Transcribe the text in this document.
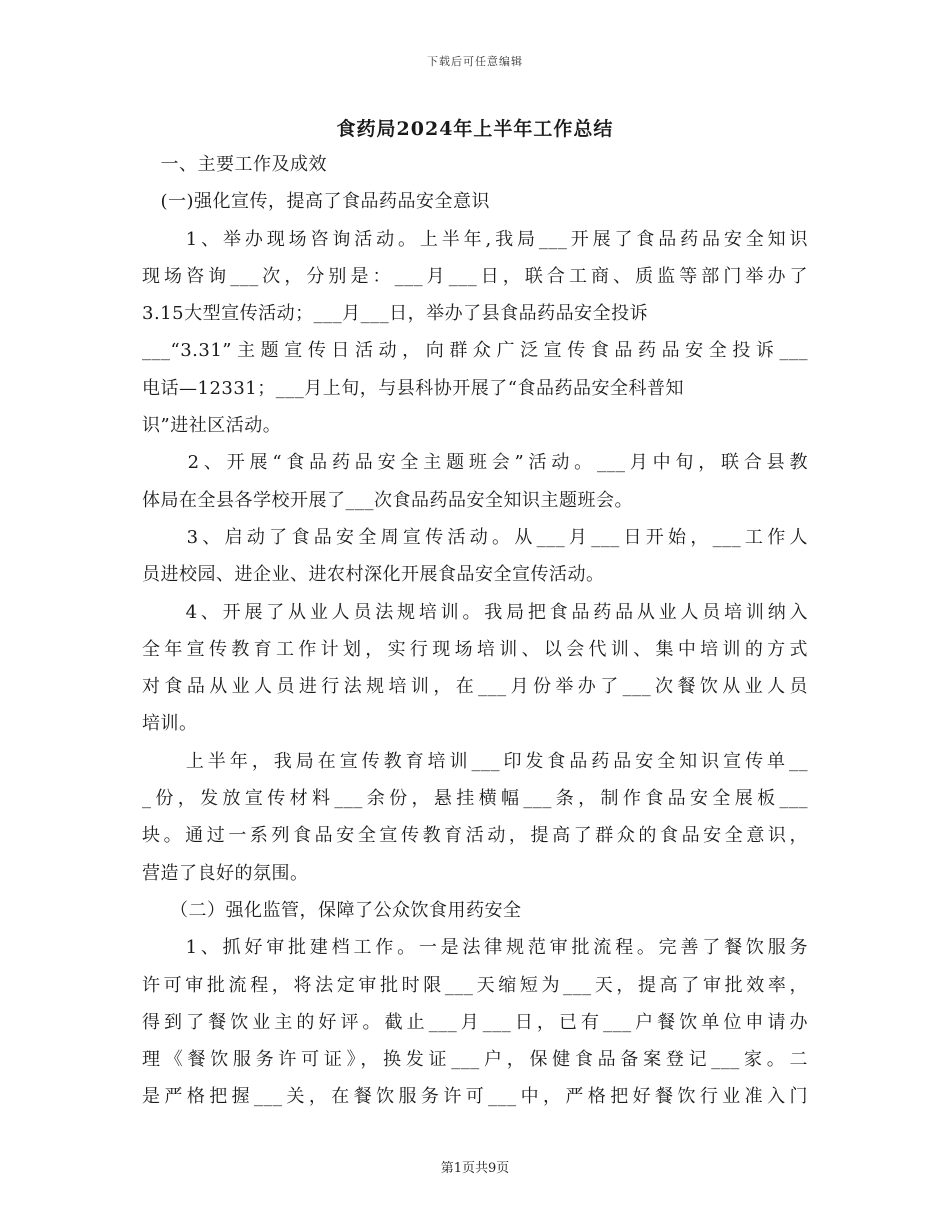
下载后可任意编辑
食药局2024年上半年工作总结
　一、主要工作及成效
　(一)强化宣传，提高了食品药品安全意识
　　1、举办现场咨询活动。上半年,我局___开展了食品药品安全知识
现场咨询___次，分别是：___月___日，联合工商、质监等部门举办了
3.15大型宣传活动；___月___日，举办了县食品药品安全投诉
___“3.31”主题宣传日活动，向群众广泛宣传食品药品安全投诉___
电话—12331；___月上旬，与县科协开展了“食品药品安全科普知
识”进社区活动。
　　2、开展“食品药品安全主题班会”活动。___月中旬，联合县教
体局在全县各学校开展了___次食品药品安全知识主题班会。
　　3、启动了食品安全周宣传活动。从___月___日开始，___工作人
员进校园、进企业、进农村深化开展食品安全宣传活动。
　　4、开展了从业人员法规培训。我局把食品药品从业人员培训纳入
全年宣传教育工作计划，实行现场培训、以会代训、集中培训的方式
对食品从业人员进行法规培训，在___月份举办了___次餐饮从业人员
培训。
　　上半年，我局在宣传教育培训___印发食品药品安全知识宣传单__
_份，发放宣传材料___余份，悬挂横幅___条，制作食品安全展板___
块。通过一系列食品安全宣传教育活动，提高了群众的食品安全意识，
营造了良好的氛围。
　　（二）强化监管，保障了公众饮食用药安全
　　1、抓好审批建档工作。一是法律规范审批流程。完善了餐饮服务
许可审批流程，将法定审批时限___天缩短为___天，提高了审批效率，
得到了餐饮业主的好评。截止___月___日，已有___户餐饮单位申请办
理《餐饮服务许可证》，换发证___户，保健食品备案登记___家。二
是严格把握___关，在餐饮服务许可___中，严格把好餐饮行业准入门
第1页共9页
